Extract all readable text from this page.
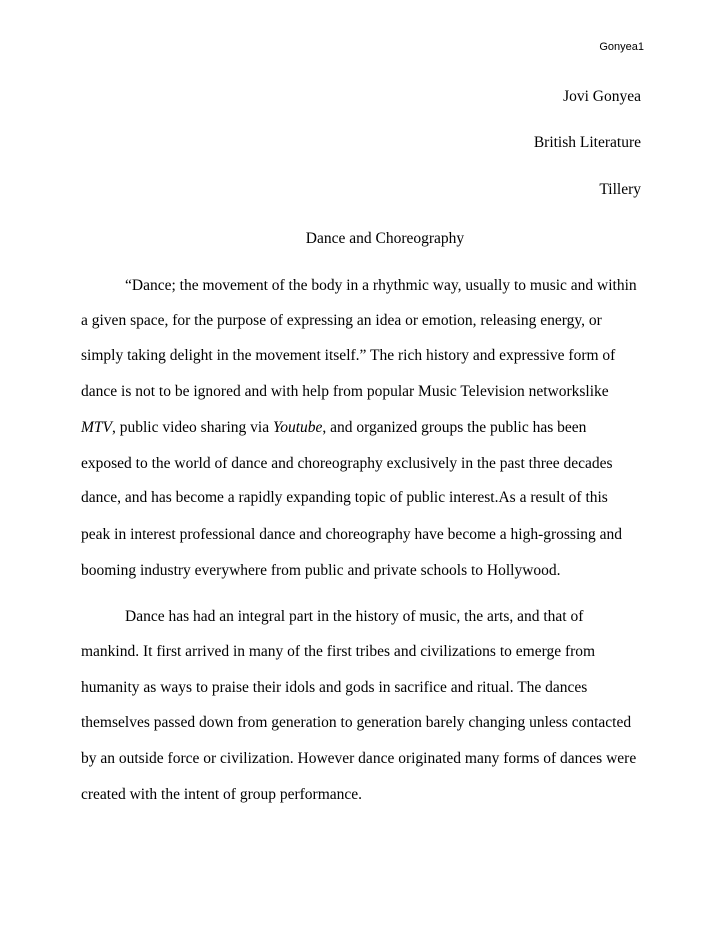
Gonyea1
Jovi Gonyea
British Literature
Tillery
Dance and Choreography
“Dance; the movement of the body in a rhythmic way, usually to music and within
a given space, for the purpose of expressing an idea or emotion, releasing energy, or
simply taking delight in the movement itself.” The rich history and expressive form of
dance is not to be ignored and with help from popular Music Television networkslike
MTV, public video sharing via Youtube, and organized groups the public has been
exposed to the world of dance and choreography exclusively in the past three decades
dance, and has become a rapidly expanding topic of public interest.As a result of this
peak in interest professional dance and choreography have become a high-grossing and
booming industry everywhere from public and private schools to Hollywood.
Dance has had an integral part in the history of music, the arts, and that of
mankind. It first arrived in many of the first tribes and civilizations to emerge from
humanity as ways to praise their idols and gods in sacrifice and ritual. The dances
themselves passed down from generation to generation barely changing unless contacted
by an outside force or civilization. However dance originated many forms of dances were
created with the intent of group performance.
